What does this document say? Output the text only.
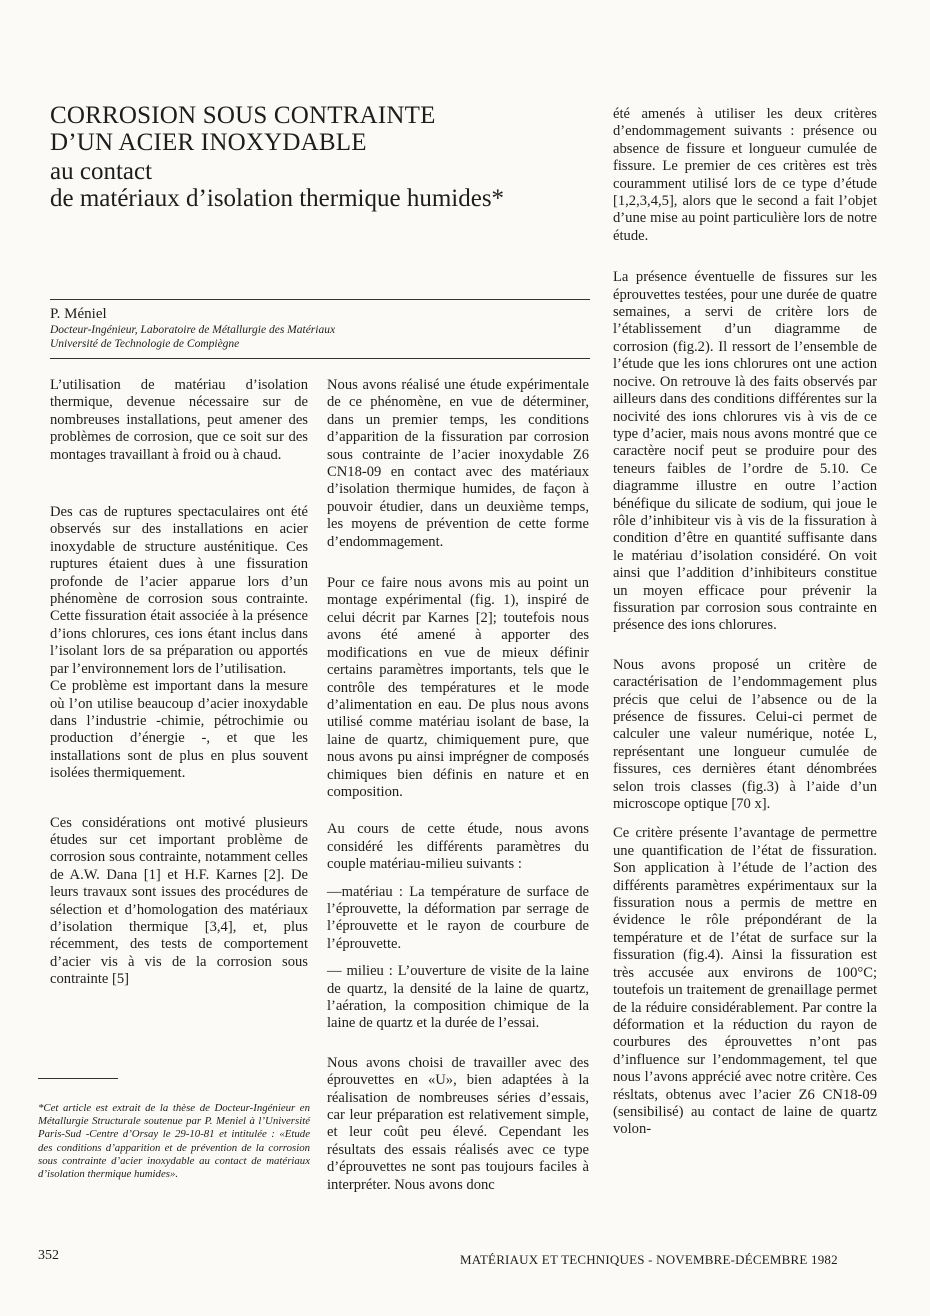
CORROSION SOUS CONTRAINTE
D’UN ACIER INOXYDABLE
au contact
de matériaux d’isolation thermique humides*
P. Méniel
Docteur-Ingénieur, Laboratoire de Métallurgie des Matériaux
Université de Technologie de Compiègne

L’utilisation de matériau d’isolation thermique, devenue nécessaire sur de nombreuses installations, peut amener des problèmes de corrosion, que ce soit sur des montages travaillant à froid ou à chaud.

Des cas de ruptures spectaculaires ont été observés sur des installations en acier inoxydable de structure austénitique. Ces ruptures étaient dues à une fissuration profonde de l’acier apparue lors d’un phénomène de corrosion sous contrainte. Cette fissuration était associée à la présence d’ions chlorures, ces ions étant inclus dans l’isolant lors de sa préparation ou apportés par l’environnement lors de l’utilisation.

Ce problème est important dans la mesure où l’on utilise beaucoup d’acier inoxydable dans l’industrie -chimie, pétrochimie ou production d’énergie -, et que les installations sont de plus en plus souvent isolées thermiquement.

Ces considérations ont motivé plusieurs études sur cet important problème de corrosion sous contrainte, notamment celles de A.W. Dana [1] et H.F. Karnes [2]. De leurs travaux sont issues des procédures de sélection et d’homologation des matériaux d’isolation thermique [3,4], et, plus récemment, des tests de comportement d’acier vis à vis de la corrosion sous contrainte [5]

Nous avons réalisé une étude expérimentale de ce phénomène, en vue de déterminer, dans un premier temps, les conditions d’apparition de la fissuration par corrosion sous contrainte de l’acier inoxydable Z6 CN18-09 en contact avec des matériaux d’isolation thermique humides, de façon à pouvoir étudier, dans un deuxième temps, les moyens de prévention de cette forme d’endommagement.

Pour ce faire nous avons mis au point un montage expérimental (fig. 1), inspiré de celui décrit par Karnes [2]; toutefois nous avons été amené à apporter des modifications en vue de mieux définir certains paramètres importants, tels que le contrôle des températures et le mode d’alimentation en eau. De plus nous avons utilisé comme matériau isolant de base, la laine de quartz, chimiquement pure, que nous avons pu ainsi imprégner de composés chimiques bien définis en nature et en composition.

Au cours de cette étude, nous avons considéré les différents paramètres du couple matériau-milieu suivants :

—matériau : La température de surface de l’éprouvette, la déformation par serrage de l’éprouvette et le rayon de courbure de l’éprouvette.

— milieu : L’ouverture de visite de la laine de quartz, la densité de la laine de quartz, l’aération, la composition chimique de la laine de quartz et la durée de l’essai.

Nous avons choisi de travailler avec des éprouvettes en «U», bien adaptées à la réalisation de nombreuses séries d’essais, car leur préparation est relativement simple, et leur coût peu élevé. Cependant les résultats des essais réalisés avec ce type d’éprouvettes ne sont pas toujours faciles à interpréter. Nous avons donc

été amenés à utiliser les deux critères d’endommagement suivants : présence ou absence de fissure et longueur cumulée de fissure. Le premier de ces critères est très couramment utilisé lors de ce type d’étude [1,2,3,4,5], alors que le second a fait l’objet d’une mise au point particulière lors de notre étude.

La présence éventuelle de fissures sur les éprouvettes testées, pour une durée de quatre semaines, a servi de critère lors de l’établissement d’un diagramme de corrosion (fig.2). Il ressort de l’ensemble de l’étude que les ions chlorures ont une action nocive. On retrouve là des faits observés par ailleurs dans des conditions différentes sur la nocivité des ions chlorures vis à vis de ce type d’acier, mais nous avons montré que ce caractère nocif peut se produire pour des teneurs faibles de l’ordre de 5.10. Ce diagramme illustre en outre l’action bénéfique du silicate de sodium, qui joue le rôle d’inhibiteur vis à vis de la fissuration à condition d’être en quantité suffisante dans le matériau d’isolation considéré. On voit ainsi que l’addition d’inhibiteurs constitue un moyen efficace pour prévenir la fissuration par corrosion sous contrainte en présence des ions chlorures.

Nous avons proposé un critère de caractérisation de l’endommagement plus précis que celui de l’absence ou de la présence de fissures. Celui-ci permet de calculer une valeur numérique, notée L, représentant une longueur cumulée de fissures, ces dernières étant dénombrées selon trois classes (fig.3) à l’aide d’un microscope optique [70 x].

Ce critère présente l’avantage de permettre une quantification de l’état de fissuration. Son application à l’étude de l’action des différents paramètres expérimentaux sur la fissuration nous a permis de mettre en évidence le rôle prépondérant de la température et de l’état de surface sur la fissuration (fig.4). Ainsi la fissuration est très accusée aux environs de 100°C; toutefois un traitement de grenaillage permet de la réduire considérablement. Par contre la déformation et la réduction du rayon de courbures des éprouvettes n’ont pas d’influence sur l’endommagement, tel que nous l’avons apprécié avec notre critère. Ces résltats, obtenus avec l’acier Z6 CN18-09 (sensibilisé) au contact de laine de quartz volon-

*Cet article est extrait de la thèse de Docteur-Ingénieur en Métallurgie Structurale soutenue par P. Meniel à l’Université Paris-Sud -Centre d’Orsay le 29-10-81 et intitulée : «Etude des conditions d’apparition et de prévention de la corrosion sous contrainte d’acier inoxydable au contact de matériaux d’isolation thermique humides».

352	MATÉRIAUX ET TECHNIQUES - NOVEMBRE-DÉCEMBRE 1982
